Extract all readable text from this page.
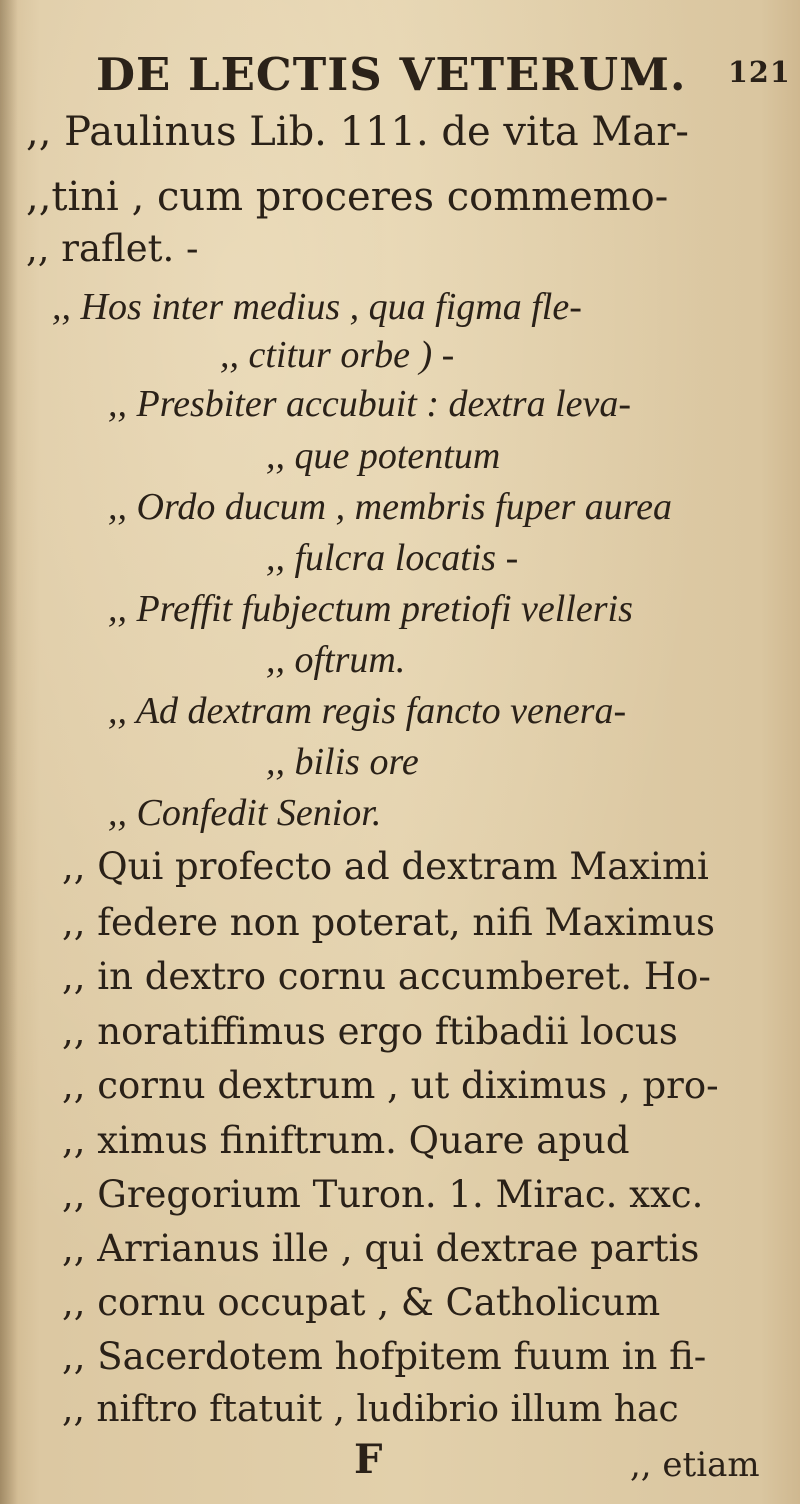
DE LECTIS VETERUM. 121
,, Paulinus Lib. 111. de vita Mar-
,,tini , cum proceres commemo-
,, raflet. -
,, Hos inter medius , qua figma fle-
,, ctitur orbe ) -
,, Presbiter accubuit : dextra leva-
,, que potentum
,, Ordo ducum , membris fuper aurea
,, fulcra locatis -
,, Preffit fubjectum pretiofi velleris
,, oftrum.
,, Ad dextram regis fancto venera-
,, bilis ore
,, Confedit Senior.
,, Qui profecto ad dextram Maximi
,, federe non poterat, nifi Maximus
,, in dextro cornu accumberet. Ho-
,, noratiffimus ergo ftibadii locus
,, cornu dextrum , ut diximus , pro-
,, ximus finiftrum. Quare apud
,, Gregorium Turon. 1. Mirac. xxc.
,, Arrianus ille , qui dextrae partis
,, cornu occupat , & Catholicum
,, Sacerdotem hofpitem fuum in fi-
,, niftro ftatuit , ludibrio illum hac
F	,, etiam
